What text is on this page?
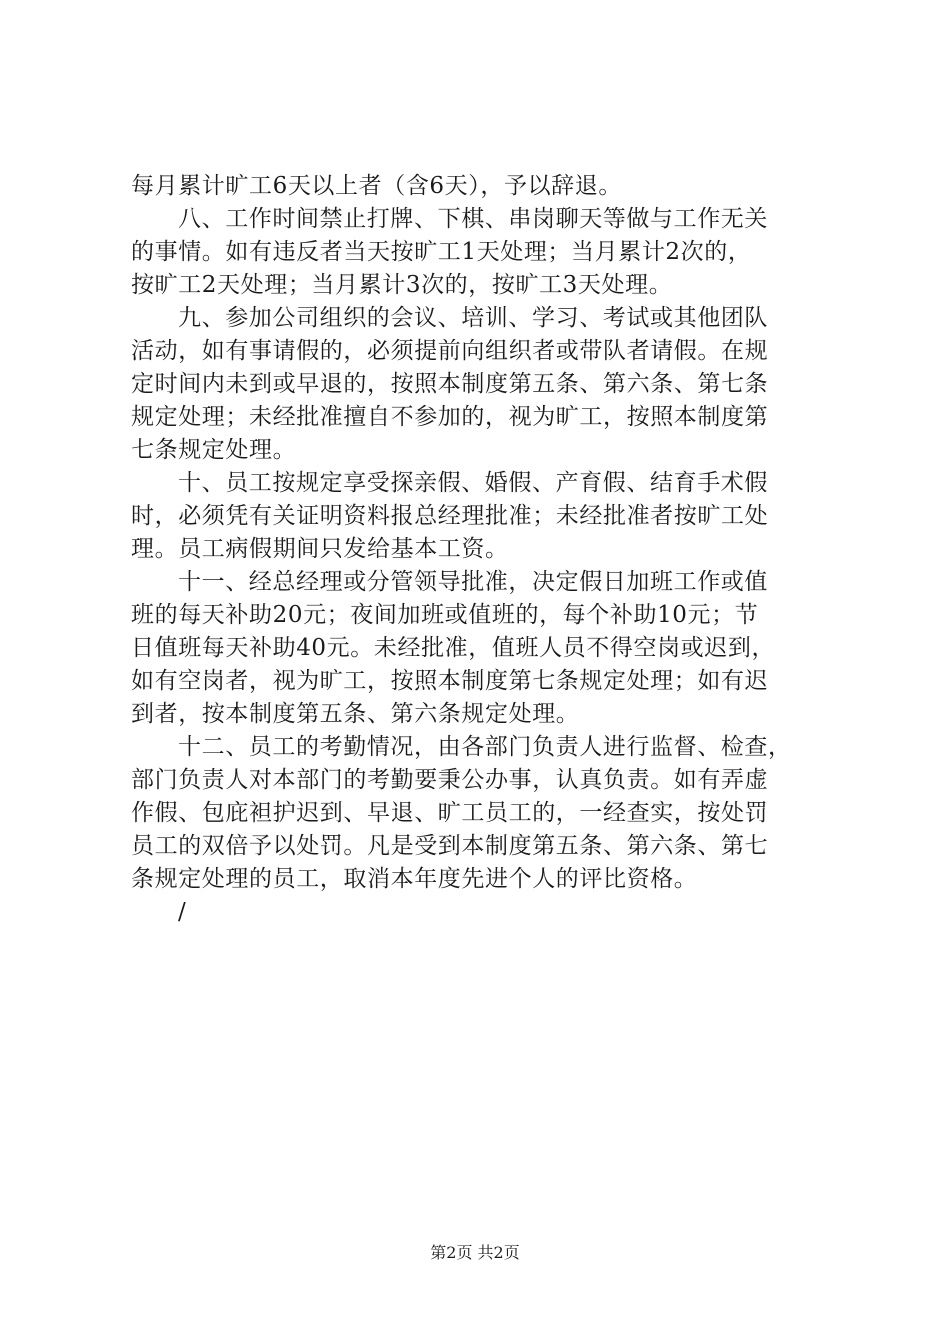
每月累计旷工6天以上者（含6天），予以辞退。
八、工作时间禁止打牌、下棋、串岗聊天等做与工作无关
的事情。如有违反者当天按旷工1天处理；当月累计2次的，
按旷工2天处理；当月累计3次的，按旷工3天处理。
九、参加公司组织的会议、培训、学习、考试或其他团队
活动，如有事请假的，必须提前向组织者或带队者请假。在规
定时间内未到或早退的，按照本制度第五条、第六条、第七条
规定处理；未经批准擅自不参加的，视为旷工，按照本制度第
七条规定处理。
十、员工按规定享受探亲假、婚假、产育假、结育手术假
时，必须凭有关证明资料报总经理批准；未经批准者按旷工处
理。员工病假期间只发给基本工资。
十一、经总经理或分管领导批准，决定假日加班工作或值
班的每天补助20元；夜间加班或值班的，每个补助10元；节
日值班每天补助40元。未经批准，值班人员不得空岗或迟到，
如有空岗者，视为旷工，按照本制度第七条规定处理；如有迟
到者，按本制度第五条、第六条规定处理。
十二、员工的考勤情况，由各部门负责人进行监督、检查，
部门负责人对本部门的考勤要秉公办事，认真负责。如有弄虚
作假、包庇袒护迟到、早退、旷工员工的，一经查实，按处罚
员工的双倍予以处罚。凡是受到本制度第五条、第六条、第七
条规定处理的员工，取消本年度先进个人的评比资格。
/
第2页 共2页
